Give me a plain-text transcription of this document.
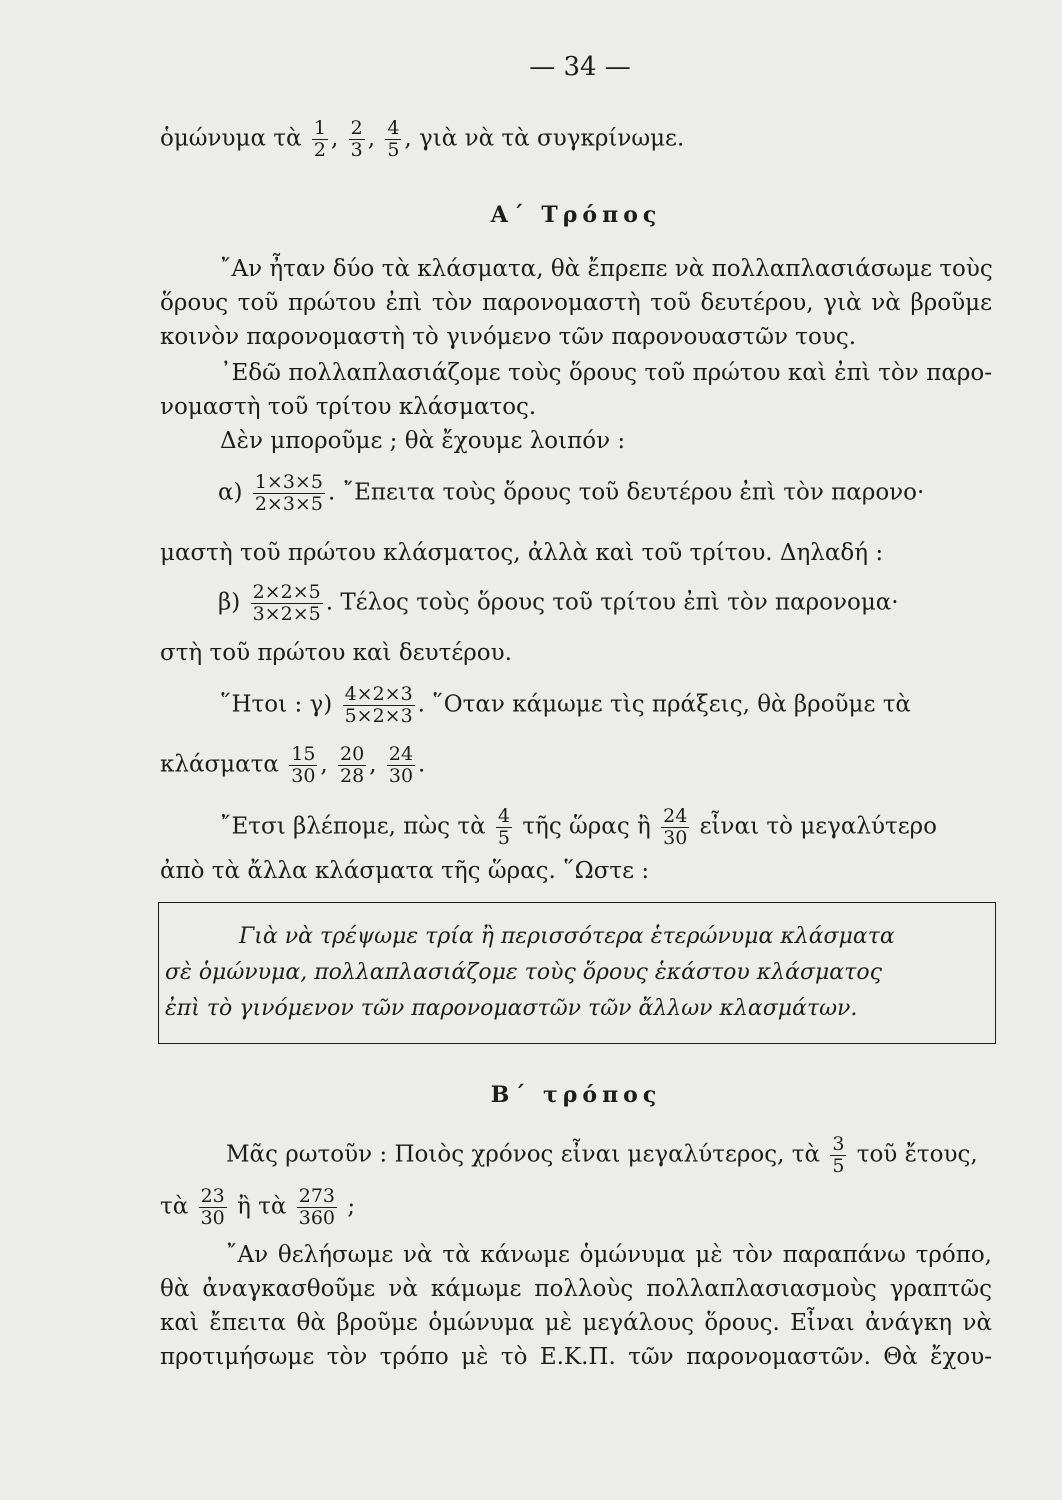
— 34 —
ὁμώνυμα τὰ $\frac{1}{2}$ , $\frac{2}{3}$ , $\frac{4}{5}$ , γιὰ νὰ τὰ συγκρίνωμε.
Α΄ Τρόπος
῎Αν ἦταν δύο τὰ κλάσματα, θὰ ἔπρεπε νὰ πολλαπλασιάσωμε τοὺς
ὅρους τοῦ πρώτου ἐπὶ τὸν παρονομαστὴ τοῦ δευτέρου, γιὰ νὰ βροῦμε
κοινὸν παρονομαστὴ τὸ γινόμενο τῶν παρονουαστῶν τους.
᾿Εδῶ πολλαπλασιάζομε τοὺς ὅρους τοῦ πρώτου καὶ ἐπὶ τὸν παρο-
νομαστὴ τοῦ τρίτου κλάσματος.
Δὲν μποροῦμε ; θὰ ἔχουμε λοιπόν :
$\alpha) \frac{1\times 3\times 5}{2\times 3\times 5}$ . ῎Επειτα τοὺς ὅρους τοῦ δευτέρου ἐπὶ τὸν παρονο·
μαστὴ τοῦ πρώτου κλάσματος, ἀλλὰ καὶ τοῦ τρίτου. Δηλαδή :
$\beta) \frac{2\times 2\times 5}{3\times 2\times 5}$ . Τέλος τοὺς ὅρους τοῦ τρίτου ἐπὶ τὸν παρονομα·
στὴ τοῦ πρώτου καὶ δευτέρου.
῞Ητοι : $\gamma) \frac{4\times 2\times 3}{5\times 2\times 3}$ . ῞Οταν κάμωμε τὶς πράξεις, θὰ βροῦμε τὰ
κλάσματα $\frac{15}{30}$ , $\frac{20}{28}$ , $\frac{24}{30}$ .
῎Ετσι βλέπομε, πὼς τὰ $\frac{4}{5}$ τῆς ὥρας ἢ $\frac{24}{30}$ εἶναι τὸ μεγαλύτερο
ἀπὸ τὰ ἄλλα κλάσματα τῆς ὥρας. ῞Ωστε :
Γιὰ νὰ τρέψωμε τρία ἢ περισσότερα ἑτερώνυμα κλάσματα
σὲ ὁμώνυμα, πολλαπλασιάζομε τοὺς ὅρους ἑκάστου κλάσματος
ἐπὶ τὸ γινόμενον τῶν παρονομαστῶν τῶν ἄλλων κλασμάτων.
Β΄ τρόπος
Μᾶς ρωτοῦν : Ποιὸς χρόνος εἶναι μεγαλύτερος, τὰ $\frac{3}{5}$ τοῦ ἔτους,
τὰ $\frac{23}{30}$ ἢ τὰ $\frac{273}{360}$ ;
῎Αν θελήσωμε νὰ τὰ κάνωμε ὁμώνυμα μὲ τὸν παραπάνω τρόπο,
θὰ ἀναγκασθοῦμε νὰ κάμωμε πολλοὺς πολλαπλασιασμοὺς γραπτῶς
καὶ ἔπειτα θὰ βροῦμε ὁμώνυμα μὲ μεγάλους ὅρους. Εἶναι ἀνάγκη νὰ
προτιμήσωμε τὸν τρόπο μὲ τὸ Ε.Κ.Π. τῶν παρονομαστῶν. Θὰ ἔχου-
